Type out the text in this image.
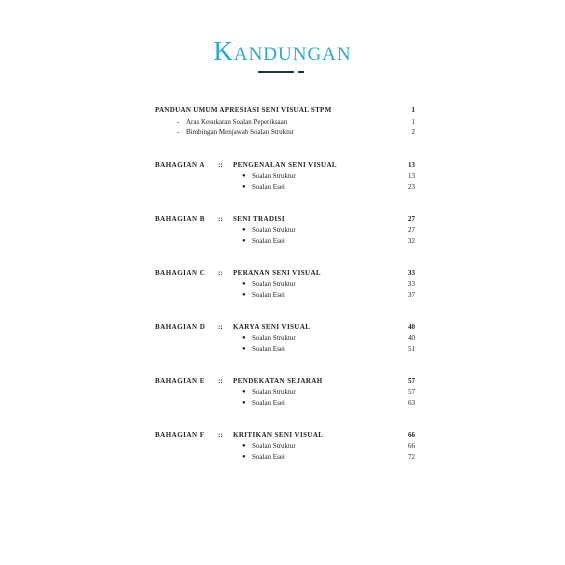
KANDUNGAN
PANDUAN UMUM APRESIASI SENI VISUAL STPM	1
- Aras Kesukaran Soalan Peperiksaan	1
- Bimbingan Menjawab Soalan Struktur	2
BAHAGIAN A :: PENGENALAN SENI VISUAL	13
● Soalan Struktur	13
● Soalan Esei	23
BAHAGIAN B :: SENI TRADISI	27
● Soalan Struktur	27
● Soalan Esei	32
BAHAGIAN C :: PERANAN SENI VISUAL	33
● Soalan Struktur	33
● Soalan Esei	37
BAHAGIAN D :: KARYA SENI VISUAL	40
● Soalan Struktur	40
● Soalan Esei	51
BAHAGIAN E :: PENDEKATAN SEJARAH	57
● Soalan Struktur	57
● Soalan Esei	63
BAHAGIAN F :: KRITIKAN SENI VISUAL	66
● Soalan Struktur	66
● Soalan Esei	72
